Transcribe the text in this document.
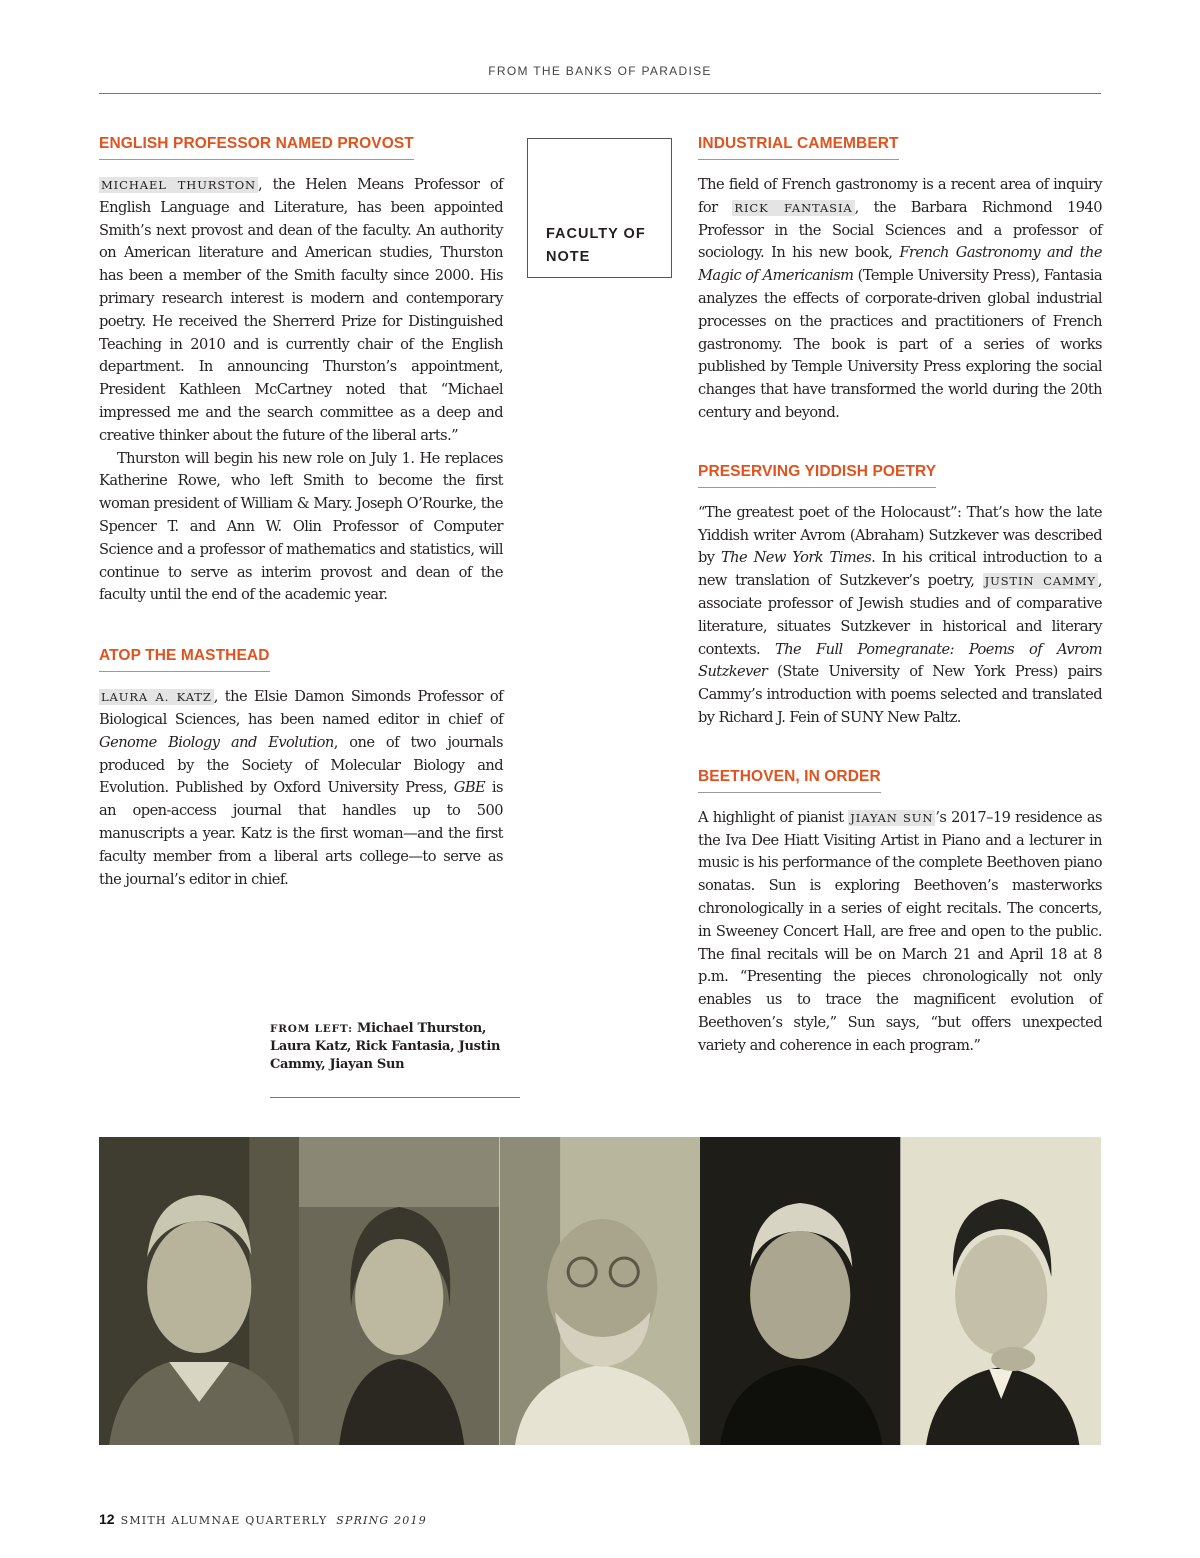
FROM THE BANKS OF PARADISE
ENGLISH PROFESSOR NAMED PROVOST

MICHAEL THURSTON , the Helen Means Professor of English Language and Literature, has been appointed Smith’s next provost and dean of the faculty. An authority on American literature and American studies, Thurston has been a member of the Smith faculty since 2000. His primary research interest is modern and contemporary poetry. He received the Sherrerd Prize for Distinguished Teaching in 2010 and is currently chair of the English department. In announcing Thurston’s appointment, President Kathleen McCartney noted that “Michael impressed me and the search committee as a deep and creative thinker about the future of the liberal arts.”

Thurston will begin his new role on July 1. He replaces Katherine Rowe, who left Smith to become the first woman president of William & Mary. Joseph O’Rourke, the Spencer T. and Ann W. Olin Professor of Computer Science and a professor of mathematics and statistics, will continue to serve as interim provost and dean of the faculty until the end of the academic year.

ATOP THE MASTHEAD

LAURA A. KATZ , the Elsie Damon Simonds Professor of Biological Sciences, has been named editor in chief of Genome Biology and Evolution, one of two journals produced by the Society of Molecular Biology and Evolution. Published by Oxford University Press, GBE is an open-access journal that handles up to 500 manuscripts a year. Katz is the first woman—and the first faculty member from a liberal arts college—to serve as the journal’s editor in chief.

FACULTY OF NOTE
INDUSTRIAL CAMEMBERT

The field of French gastronomy is a recent area of inquiry for RICK FANTASIA , the Barbara Richmond 1940 Professor in the Social Sciences and a professor of sociology. In his new book, French Gastronomy and the Magic of Americanism (Temple University Press), Fantasia analyzes the effects of corporate-driven global industrial processes on the practices and practitioners of French gastronomy. The book is part of a series of works published by Temple University Press exploring the social changes that have transformed the world during the 20th century and beyond.

PRESERVING YIDDISH POETRY

“The greatest poet of the Holocaust”: That’s how the late Yiddish writer Avrom (Abraham) Sutzkever was described by The New York Times. In his critical introduction to a new translation of Sutzkever’s poetry, JUSTIN CAMMY , associate professor of Jewish studies and of comparative literature, situates Sutzkever in historical and literary contexts. The Full Pomegranate: Poems of Avrom Sutzkever (State University of New York Press) pairs Cammy’s introduction with poems selected and translated by Richard J. Fein of SUNY New Paltz.

BEETHOVEN, IN ORDER

A highlight of pianist JIAYAN SUN ’s 2017–19 residence as the Iva Dee Hiatt Visiting Artist in Piano and a lecturer in music is his performance of the complete Beethoven piano sonatas. Sun is exploring Beethoven’s masterworks chronologically in a series of eight recitals. The concerts, in Sweeney Concert Hall, are free and open to the public. The final recitals will be on March 21 and April 18 at 8 p.m. “Presenting the pieces chronologically not only enables us to trace the magnificent evolution of Beethoven’s style,” Sun says, “but offers unexpected variety and coherence in each program.”

FROM LEFT: Michael Thurston, Laura Katz, Rick Fantasia, Justin Cammy, Jiayan Sun
12 SMITH ALUMNAE QUARTERLY SPRING 2019
